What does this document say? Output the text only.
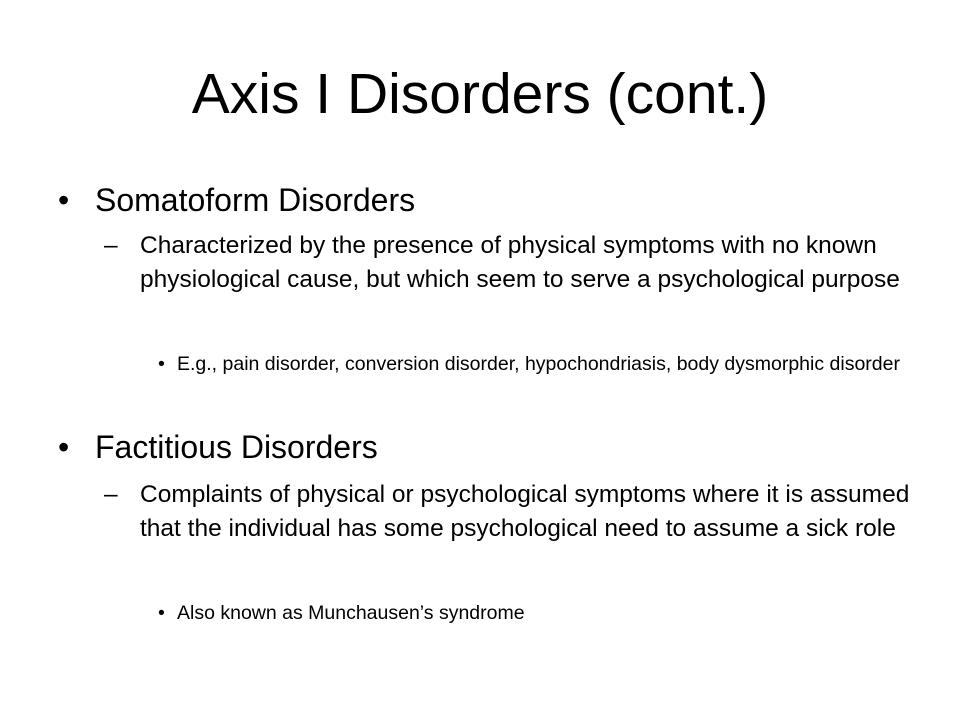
Axis I Disorders (cont.)
• Somatoform Disorders
– Characterized by the presence of physical symptoms with no known physiological cause, but which seem to serve a psychological purpose
• E.g., pain disorder, conversion disorder, hypochondriasis, body dysmorphic disorder
• Factitious Disorders
– Complaints of physical or psychological symptoms where it is assumed that the individual has some psychological need to assume a sick role
• Also known as Munchausen’s syndrome
